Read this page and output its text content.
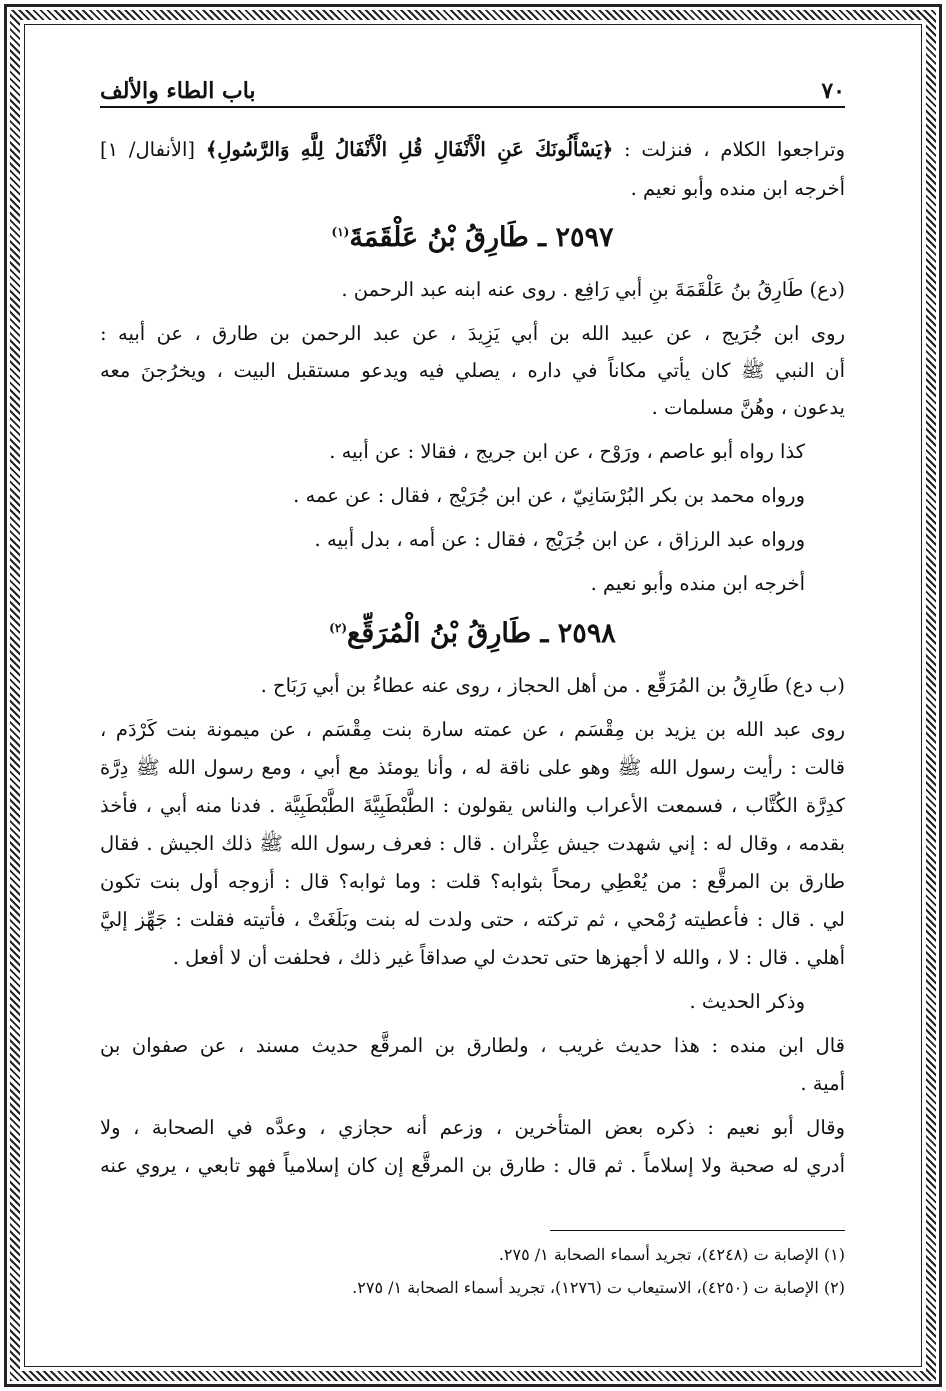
٧٠
باب الطاء والألف
وتراجعوا الكلام ، فنزلت : ﴿يَسْأَلُونَكَ عَنِ الْأَنْفَالِ قُلِ الْأَنْفَالُ لِلَّهِ وَالرَّسُولِ﴾ [الأنفال/ ١]
أخرجه ابن منده وأبو نعيم .
٢٥٩٧ ـ طَارِقُ بْنُ عَلْقَمَةَ$^{(١)}$
(دع) طَارِقُ بنُ عَلْقَمَةَ بنِ أبي رَافِع . روى عنه ابنه عبد الرحمن .
روى ابن جُرَيج ، عن عبيد الله بن أبي يَزِيدَ ، عن عبد الرحمن بن طارق ، عن أبيه :
أن النبي ﷺ كان يأتي مكاناً في داره ، يصلي فيه ويدعو مستقبل البيت ، ويخرُجنَ معه
يدعون ، وهُنَّ مسلمات .
كذا رواه أبو عاصم ، ورَوْح ، عن ابن جريج ، فقالا : عن أبيه .
ورواه محمد بن بكر البُرْسَانِيّ ، عن ابن جُرَيْج ، فقال : عن عمه .
ورواه عبد الرزاق ، عن ابن جُرَيْج ، فقال : عن أمه ، بدل أبيه .
أخرجه ابن منده وأبو نعيم .
٢٥٩٨ ـ طَارِقُ بْنُ الْمُرَقِّع$^{(٢)}$
(ب دع) طَارِقُ بن المُرَقِّع . من أهل الحجاز ، روى عنه عطاءُ بن أبي رَبَاح .
روى عبد الله بن يزيد بن مِقْسَم ، عن عمته سارة بنت مِقْسَم ، عن ميمونة بنت كَرْدَم ،
قالت : رأيت رسول الله ﷺ وهو على ناقة له ، وأنا يومئذ مع أبي ، ومع رسول الله ﷺ دِرَّة
كدِرَّة الكُتَّاب ، فسمعت الأعراب والناس يقولون : الطَّبْطَبِيَّةَ الطَّبْطَبِيَّة . فدنا منه أبي ، فأخذ
بقدمه ، وقال له : إني شهدت جيش عِثْران . قال : فعرف رسول الله ﷺ ذلك الجيش . فقال
طارق بن المرقَّع : من يُعْطِي رمحاً بثوابه؟ قلت : وما ثوابه؟ قال : أزوجه أول بنت تكون
لي . قال : فأعطيته رُمْحي ، ثم تركته ، حتى ولدت له بنت وبَلَغَتْ ، فأتيته فقلت : جَهِّز إليَّ
أهلي . قال : لا ، والله لا أجهزها حتى تحدث لي صداقاً غير ذلك ، فحلفت أن لا أفعل .
وذكر الحديث .
قال ابن منده : هذا حديث غريب ، ولطارق بن المرقَّع حديث مسند ، عن صفوان بن
أمية .
وقال أبو نعيم : ذكره بعض المتأخرين ، وزعم أنه حجازي ، وعدَّه في الصحابة ، ولا
أدري له صحبة ولا إسلاماً . ثم قال : طارق بن المرقَّع إن كان إسلامياً فهو تابعي ، يروي عنه
(١) الإصابة ت (٤٢٤٨)، تجريد أسماء الصحابة ١/ ٢٧٥.
(٢) الإصابة ت (٤٢٥٠)، الاستيعاب ت (١٢٧٦)، تجريد أسماء الصحابة ١/ ٢٧٥.
